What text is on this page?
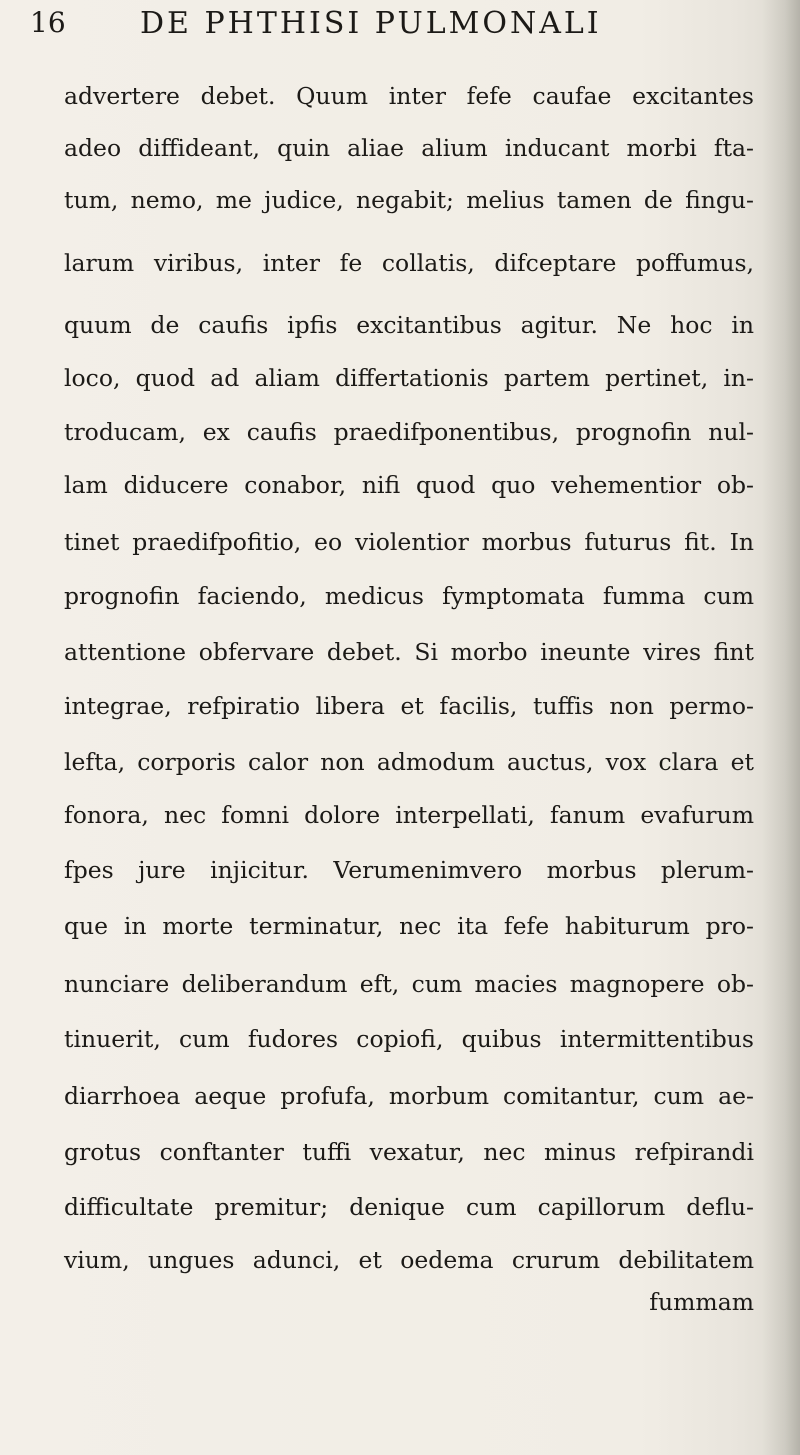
16 DE PHTHISI PULMONALI
advertere debet. Quum inter fefe caufae excitantes
adeo diffideant, quin aliae alium inducant morbi fta-
tum, nemo, me judice, negabit; melius tamen de fingu-
larum viribus, inter fe collatis, difceptare poffumus,
quum de caufis ipfis excitantibus agitur. Ne hoc in
loco, quod ad aliam differtationis partem pertinet, in-
troducam, ex caufis praedifponentibus, prognofin nul-
lam diducere conabor, nifi quod quo vehementior ob-
tinet praedifpofitio, eo violentior morbus futurus fit. In
prognofin faciendo, medicus fymptomata fumma cum
attentione obfervare debet. Si morbo ineunte vires fint
integrae, refpiratio libera et facilis, tuffis non permo-
lefta, corporis calor non admodum auctus, vox clara et
fonora, nec fomni dolore interpellati, fanum evafurum
fpes jure injicitur. Verumenimvero morbus plerum-
que in morte terminatur, nec ita fefe habiturum pro-
nunciare deliberandum eft, cum macies magnopere ob-
tinuerit, cum fudores copiofi, quibus intermittentibus
diarrhoea aeque profufa, morbum comitantur, cum ae-
grotus conftanter tuffi vexatur, nec minus refpirandi
difficultate premitur; denique cum capillorum deflu-
vium, ungues adunci, et oedema crurum debilitatem
fummam
